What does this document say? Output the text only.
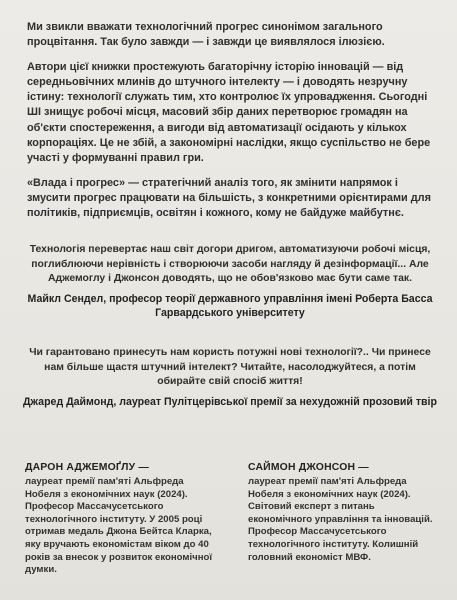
Ми звикли вважати технологічний прогрес синонімом загального процвітання. Так було завжди — і завжди це виявлялося ілюзією.

Автори цієї книжки простежують багаторічну історію інновацій — від середньовічних млинів до штучного інтелекту — і доводять незручну істину: технології служать тим, хто контролює їх упровадження. Сьогодні ШІ знищує робочі місця, масовий збір даних перетворює громадян на об'єкти спостереження, а вигоди від автоматизації осідають у кількох корпораціях. Це не збій, а закономірні наслідки, якщо суспільство не бере участі у формуванні правил гри.

«Влада і прогрес» — стратегічний аналіз того, як змінити напрямок і змусити прогрес працювати на більшість, з конкретними орієнтирами для політиків, підприємців, освітян і кожного, кому не байдуже майбутнє.

Технологія перевертає наш світ догори дригом, автоматизуючи робочі місця, поглиблюючи нерівність і створюючи засоби нагляду й дезінформації... Але Аджемоглу і Джонсон доводять, що не обов'язково має бути саме так.

Майкл Сендел, професор теорії державного управління імені Роберта Басса Гарвардського університету

Чи гарантовано принесуть нам користь потужні нові технології?.. Чи принесе нам більше щастя штучний інтелект? Читайте, насолоджуйтеся, а потім обирайте свій спосіб життя!

Джаред Даймонд, лауреат Пулітцерівської премії за нехудожній прозовий твір

ДАРОН АДЖЕМОҐЛУ —

лауреат премії пам'яті Альфреда Нобеля з економічних наук (2024). Професор Массачусетського технологічного інституту. У 2005 році отримав медаль Джона Бейтса Кларка, яку вручають економістам віком до 40 років за внесок у розвиток економічної думки.

САЙМОН ДЖОНСОН —

лауреат премії пам'яті Альфреда Нобеля з економічних наук (2024). Світовий експерт з питань економічного управління та інновацій. Професор Массачусетського технологічного інституту. Колишній головний економіст МВФ.
